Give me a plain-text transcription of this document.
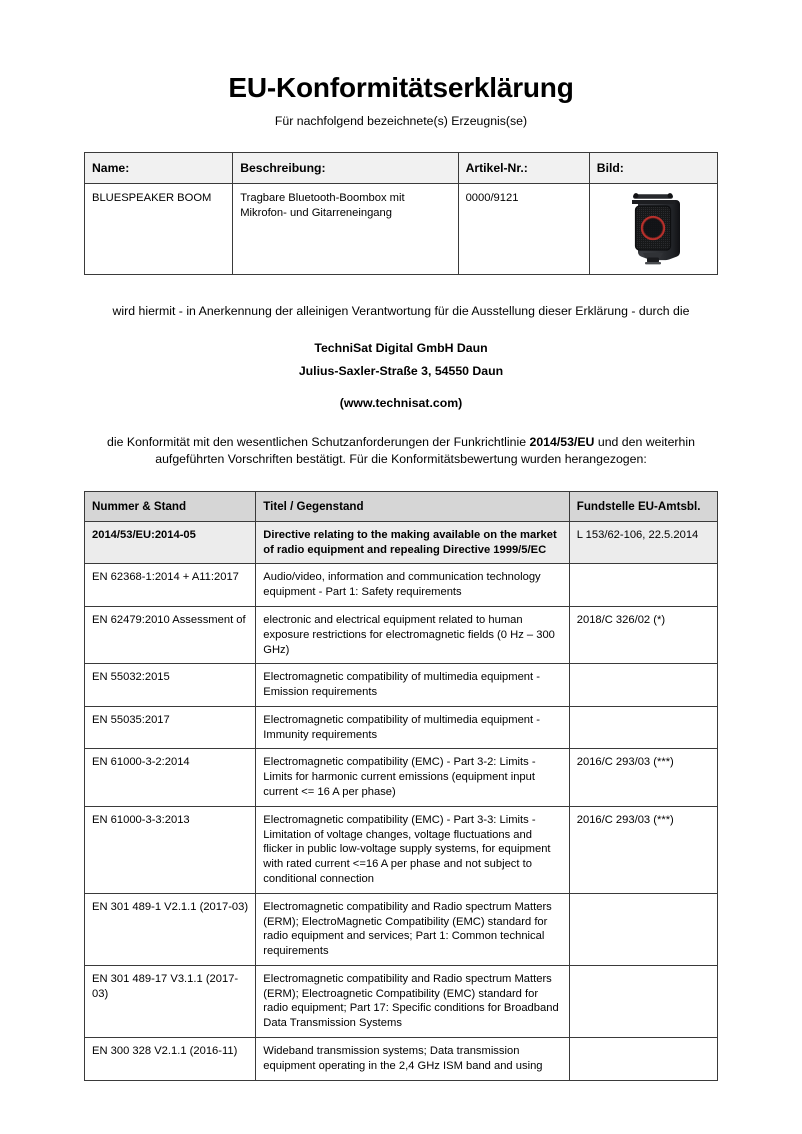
EU-Konformitätserklärung

Für nachfolgend bezeichnete(s) Erzeugnis(se)

Name:	Beschreibung:	Artikel-Nr.:	Bild:
BLUESPEAKER BOOM	Tragbare Bluetooth-Boombox mit Mikrofon- und Gitarreneingang	0000/9121	

wird hiermit - in Anerkennung der alleinigen Verantwortung für die Ausstellung dieser Erklärung - durch die

TechniSat Digital GmbH Daun

Julius-Saxler-Straße 3, 54550 Daun

(www.technisat.com)

die Konformität mit den wesentlichen Schutzanforderungen der Funkrichtlinie 2014/53/EU und den weiterhin aufgeführten Vorschriften bestätigt. Für die Konformitätsbewertung wurden herangezogen:

Nummer & Stand	Titel / Gegenstand	Fundstelle EU-Amtsbl.
2014/53/EU:2014-05	Directive relating to the making available on the market of radio equipment and repealing Directive 1999/5/EC	L 153/62-106, 22.5.2014
EN 62368-1:2014 + A11:2017	Audio/video, information and communication technology equipment - Part 1: Safety requirements	

EN 62479:2010 Assessment of	electronic and electrical equipment related to human exposure restrictions for electromagnetic fields (0 Hz – 300 GHz)	2018/C 326/02 (*)
EN 55032:2015	Electromagnetic compatibility of multimedia equipment - Emission requirements	
EN 55035:2017	Electromagnetic compatibility of multimedia equipment - Immunity requirements	
EN 61000-3-2:2014	Electromagnetic compatibility (EMC) - Part 3-2: Limits - Limits for harmonic current emissions (equipment input current <= 16 A per phase)	2016/C 293/03 (***)
EN 61000-3-3:2013	Electromagnetic compatibility (EMC) - Part 3-3: Limits - Limitation of voltage changes, voltage fluctuations and flicker in public low-voltage supply systems, for equipment with rated current <=16 A per phase and not subject to conditional connection	2016/C 293/03 (***)
EN 301 489-1 V2.1.1 (2017-03)	Electromagnetic compatibility and Radio spectrum Matters (ERM); ElectroMagnetic Compatibility (EMC) standard for radio equipment and services; Part 1: Common technical requirements	
EN 301 489-17 V3.1.1 (2017-03)	Electromagnetic compatibility and Radio spectrum Matters (ERM); Electroagnetic Compatibility (EMC) standard for radio equipment; Part 17: Specific conditions for Broadband Data Transmission Systems	

EN 300 328 V2.1.1 (2016-11)	Wideband transmission systems; Data transmission equipment operating in the 2,4 GHz ISM band and using	
